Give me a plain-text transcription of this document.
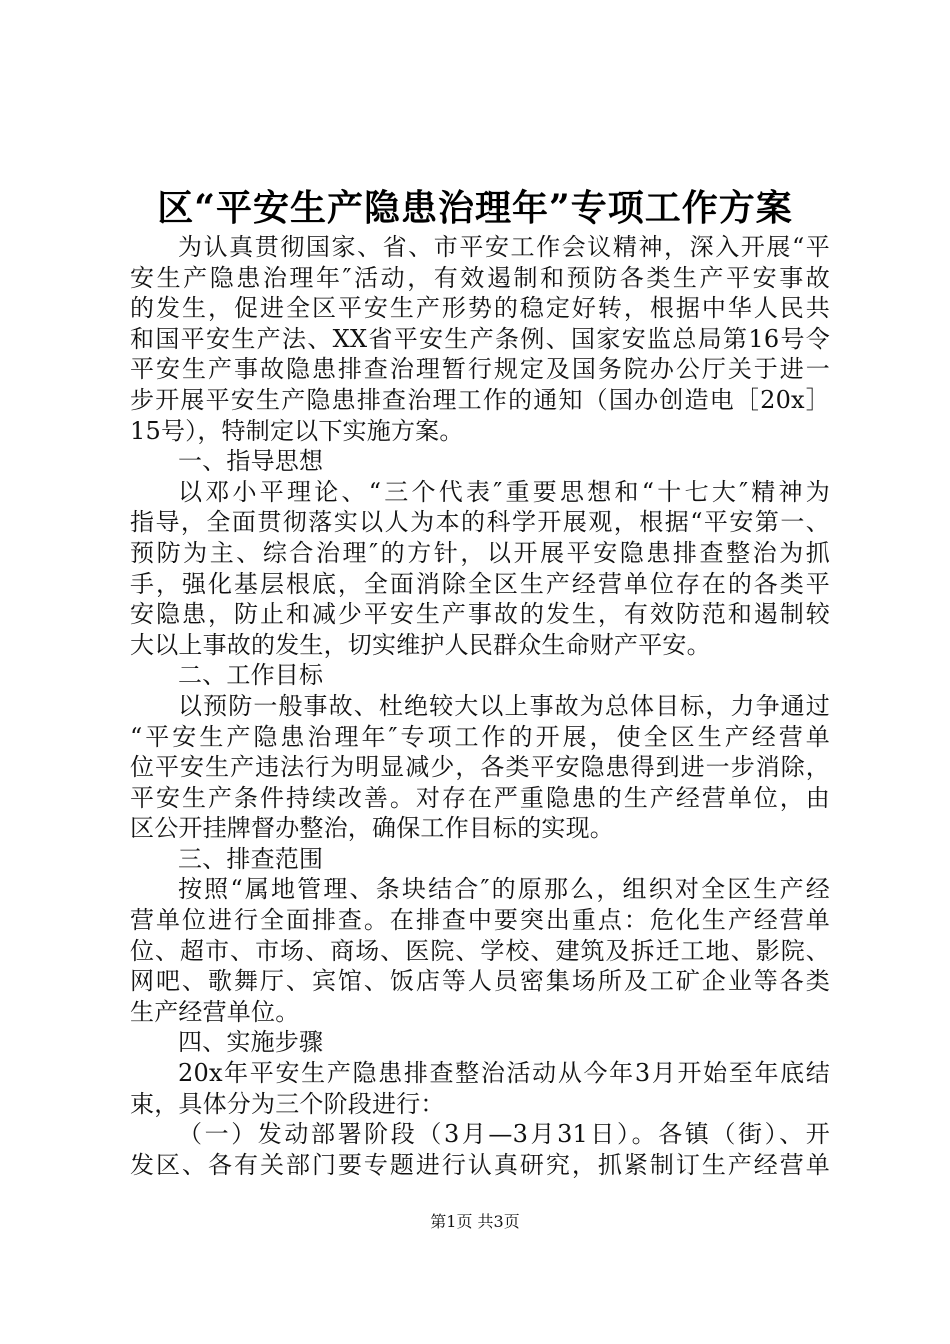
区“平安生产隐患治理年”专项工作方案
为认真贯彻国家、省、市平安工作会议精神，深入开展“平
安生产隐患治理年″活动，有效遏制和预防各类生产平安事故
的发生，促进全区平安生产形势的稳定好转，根据中华人民共
和国平安生产法、XX省平安生产条例、国家安监总局第16号令
平安生产事故隐患排查治理暂行规定及国务院办公厅关于进一
步开展平安生产隐患排查治理工作的通知（国办创造电［20x］
15号），特制定以下实施方案。
一、指导思想
以邓小平理论、“三个代表″重要思想和“十七大″精神为
指导，全面贯彻落实以人为本的科学开展观，根据“平安第一、
预防为主、综合治理″的方针，以开展平安隐患排查整治为抓
手，强化基层根底，全面消除全区生产经营单位存在的各类平
安隐患，防止和减少平安生产事故的发生，有效防范和遏制较
大以上事故的发生，切实维护人民群众生命财产平安。
二、工作目标
以预防一般事故、杜绝较大以上事故为总体目标，力争通过
“平安生产隐患治理年″专项工作的开展，使全区生产经营单
位平安生产违法行为明显减少，各类平安隐患得到进一步消除，
平安生产条件持续改善。对存在严重隐患的生产经营单位，由
区公开挂牌督办整治，确保工作目标的实现。
三、排查范围
按照“属地管理、条块结合″的原那么，组织对全区生产经
营单位进行全面排查。在排查中要突出重点：危化生产经营单
位、超市、市场、商场、医院、学校、建筑及拆迁工地、影院、
网吧、歌舞厅、宾馆、饭店等人员密集场所及工矿企业等各类
生产经营单位。
四、实施步骤
20x年平安生产隐患排查整治活动从今年3月开始至年底结
束，具体分为三个阶段进行：
（一）发动部署阶段（3月—3月31日）。各镇（街）、开
发区、各有关部门要专题进行认真研究，抓紧制订生产经营单
第1页 共3页
